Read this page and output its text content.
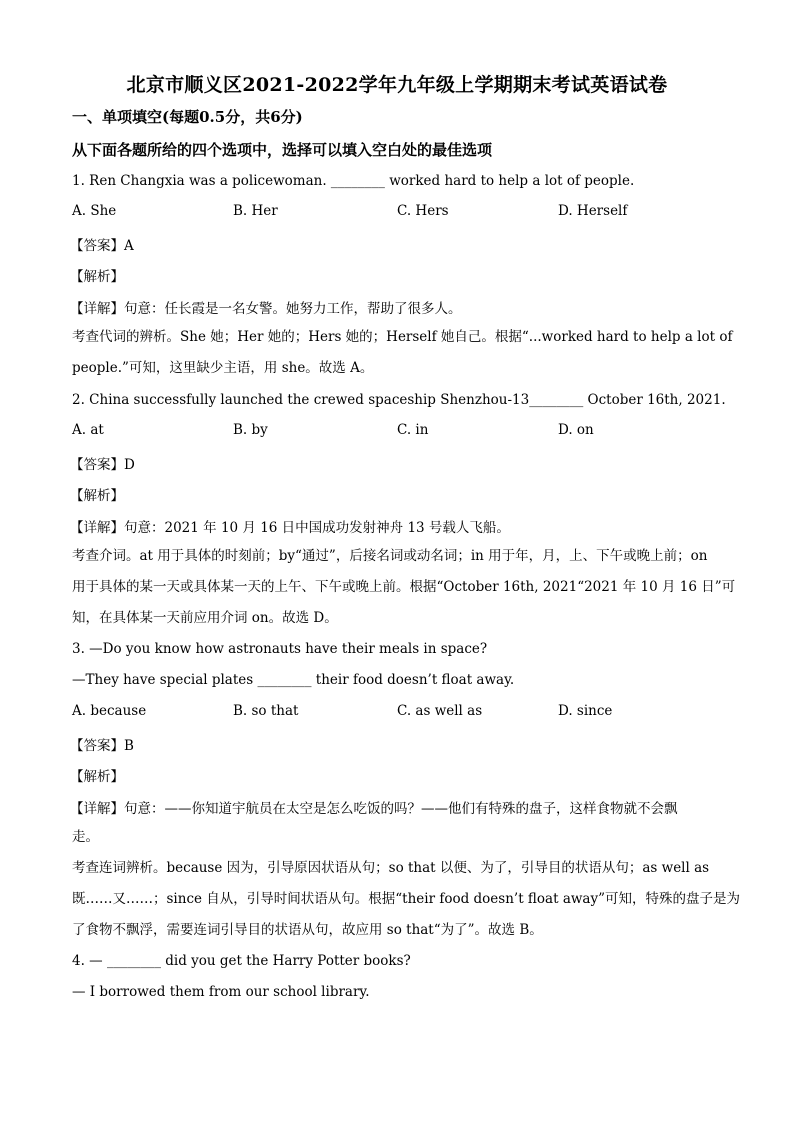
北京市顺义区2021-2022学年九年级上学期期末考试英语试卷
一、单项填空(每题0.5分，共6分)
从下面各题所给的四个选项中，选择可以填入空白处的最佳选项
1. Ren Changxia was a policewoman. ________ worked hard to help a lot of people.
A. She	B. Her	C. Hers	D. Herself
【答案】A
【解析】
【详解】句意：任长霞是一名女警。她努力工作，帮助了很多人。
考查代词的辨析。She 她；Her 她的；Hers 她的；Herself 她自己。根据“...worked hard to help a lot of
people.”可知，这里缺少主语，用 she。故选 A。
2. China successfully launched the crewed spaceship Shenzhou-13________ October 16th, 2021.
A. at	B. by	C. in	D. on
【答案】D
【解析】
【详解】句意：2021 年 10 月 16 日中国成功发射神舟 13 号载人飞船。
考查介词。at 用于具体的时刻前；by“通过”，后接名词或动名词；in 用于年，月，上、下午或晚上前；on
用于具体的某一天或具体某一天的上午、下午或晚上前。根据“October 16th, 2021“2021 年 10 月 16 日”可
知，在具体某一天前应用介词 on。故选 D。
3. —Do you know how astronauts have their meals in space?
—They have special plates ________ their food doesn’t float away.
A. because	B. so that	C. as well as	D. since
【答案】B
【解析】
【详解】句意：——你知道宇航员在太空是怎么吃饭的吗？——他们有特殊的盘子，这样食物就不会飘
走。
考查连词辨析。because 因为，引导原因状语从句；so that 以便、为了，引导目的状语从句；as well as
既……又……；since 自从，引导时间状语从句。根据“their food doesn’t float away”可知，特殊的盘子是为
了食物不飘浮，需要连词引导目的状语从句，故应用 so that“为了”。故选 B。
4. — ________ did you get the Harry Potter books?
— I borrowed them from our school library.
